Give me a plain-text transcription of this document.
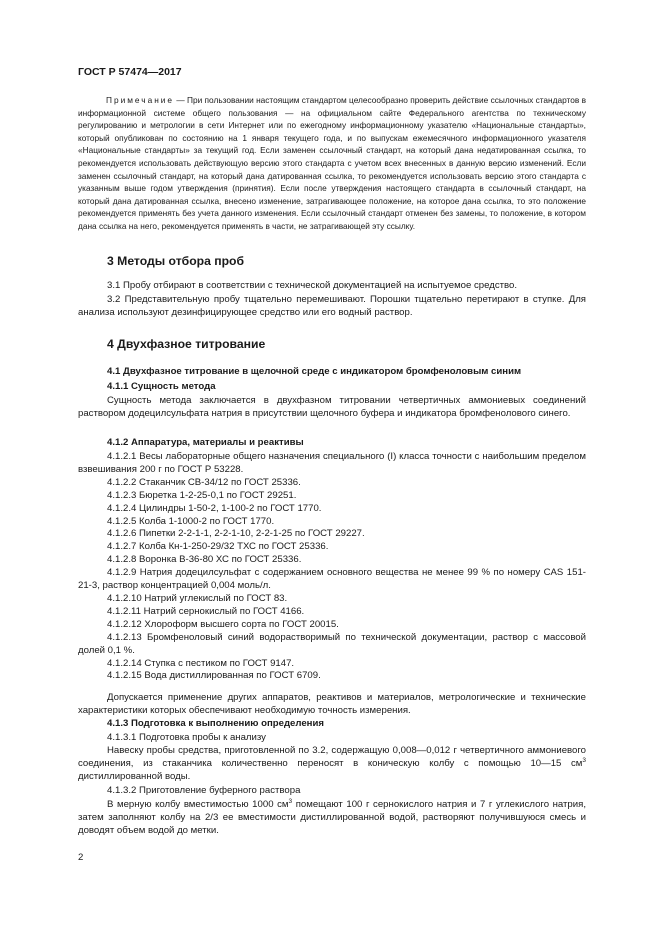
ГОСТ Р 57474—2017
Примечание — При пользовании настоящим стандартом целесообразно проверить действие ссылочных стандартов в информационной системе общего пользования — на официальном сайте Федерального агентства по техническому регулированию и метрологии в сети Интернет или по ежегодному информационному указателю «Национальные стандарты», который опубликован по состоянию на 1 января текущего года, и по выпускам ежемесячного информационного указателя «Национальные стандарты» за текущий год. Если заменен ссылочный стандарт, на который дана недатированная ссылка, то рекомендуется использовать действующую версию этого стандарта с учетом всех внесенных в данную версию изменений. Если заменен ссылочный стандарт, на который дана датированная ссылка, то рекомендуется использовать версию этого стандарта с указанным выше годом утверждения (принятия). Если после утверждения настоящего стандарта в ссылочный стандарт, на который дана датированная ссылка, внесено изменение, затрагивающее положение, на которое дана ссылка, то это положение рекомендуется применять без учета данного изменения. Если ссылочный стандарт отменен без замены, то положение, в котором дана ссылка на него, рекомендуется применять в части, не затрагивающей эту ссылку.
3 Методы отбора проб
3.1 Пробу отбирают в соответствии с технической документацией на испытуемое средство.
3.2 Представительную пробу тщательно перемешивают. Порошки тщательно перетирают в ступке. Для анализа используют дезинфицирующее средство или его водный раствор.
4 Двухфазное титрование
4.1 Двухфазное титрование в щелочной среде с индикатором бромфеноловым синим
4.1.1 Сущность метода
Сущность метода заключается в двухфазном титровании четвертичных аммониевых соединений раствором додецилсульфата натрия в присутствии щелочного буфера и индикатора бромфенолового синего.
4.1.2 Аппаратура, материалы и реактивы
4.1.2.1 Весы лабораторные общего назначения специального (I) класса точности с наибольшим пределом взвешивания 200 г по ГОСТ Р 53228.
4.1.2.2 Стаканчик СВ-34/12 по ГОСТ 25336.
4.1.2.3 Бюретка 1-2-25-0,1 по ГОСТ 29251.
4.1.2.4 Цилиндры 1-50-2, 1-100-2 по ГОСТ 1770.
4.1.2.5 Колба 1-1000-2 по ГОСТ 1770.
4.1.2.6 Пипетки 2-2-1-1, 2-2-1-10, 2-2-1-25 по ГОСТ 29227.
4.1.2.7 Колба Кн-1-250-29/32 ТХС по ГОСТ 25336.
4.1.2.8 Воронка В-36-80 ХС по ГОСТ 25336.
4.1.2.9 Натрия додецилсульфат с содержанием основного вещества не менее 99 % по номеру CAS 151-21-3, раствор концентрацией 0,004 моль/л.
4.1.2.10 Натрий углекислый по ГОСТ 83.
4.1.2.11 Натрий сернокислый по ГОСТ 4166.
4.1.2.12 Хлороформ высшего сорта по ГОСТ 20015.
4.1.2.13 Бромфеноловый синий водорастворимый по технической документации, раствор с массовой долей 0,1 %.
4.1.2.14 Ступка с пестиком по ГОСТ 9147.
4.1.2.15 Вода дистиллированная по ГОСТ 6709.
Допускается применение других аппаратов, реактивов и материалов, метрологические и технические характеристики которых обеспечивают необходимую точность измерения.
4.1.3 Подготовка к выполнению определения
4.1.3.1 Подготовка пробы к анализу
Навеску пробы средства, приготовленной по 3.2, содержащую 0,008—0,012 г четвертичного аммониевого соединения, из стаканчика количественно переносят в коническую колбу с помощью 10—15 $см^3$ дистиллированной воды.
4.1.3.2 Приготовление буферного раствора
В мерную колбу вместимостью 1000 $см^3$ помещают 100 г сернокислого натрия и 7 г углекислого натрия, затем заполняют колбу на 2/3 ее вместимости дистиллированной водой, растворяют получившуюся смесь и доводят объем водой до метки.
2
